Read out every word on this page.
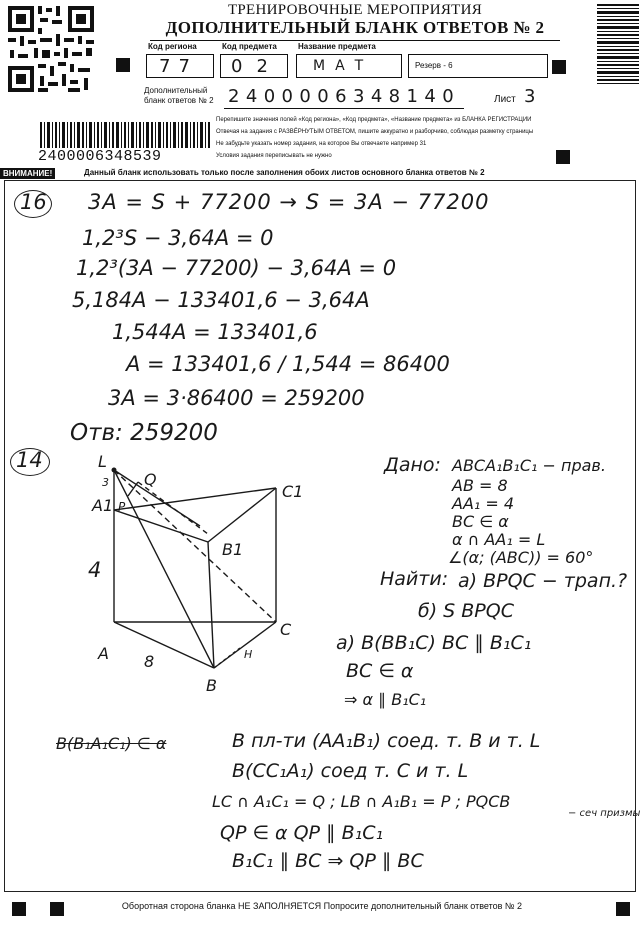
ТРЕНИРОВОЧНЫЕ МЕРОПРИЯТИЯ
ДОПОЛНИТЕЛЬНЫЙ БЛАНК ОТВЕТОВ № 2
Код региона	Код предмета	Название предмета
77 02 МАТ	Резерв - 6
Дополнительный бланк ответов № 2 2400006348140	Лист 3
2400006348539
Перепишите значения полей «Код региона», «Код предмета», «Название предмета» из БЛАНКА РЕГИСТРАЦИИ
Отвечая на задания с РАЗВЁРНУТЫМ ОТВЕТОМ, пишите аккуратно и разборчиво, соблюдая разметку страницы
Не забудьте указать номер задания, на которое Вы отвечаете например 31
Условия задания переписывать не нужно
ВНИМАНИЕ!	Данный бланк использовать только после заполнения обоих листов основного бланка ответов № 2
16 3A = S + 77200 → S = 3A − 77200
1,2³S − 3,64A = 0
1,2³(3A − 77200) − 3,64A = 0
5,184A − 133401,6 − 3,64A
1,544A = 133401,6
A = 133401,6 / 1,544 = 86400
3A = 3·86400 = 259200
Отв: 259200
14	L
Q
3
A1 P
C1
B1
4
C
A 8	H
B
Дано: ABCA₁B₁C₁ − прав.
AB = 8
AA₁ = 4
BC ∈ α
α ∩ AA₁ = L
∠(α; (ABC)) = 60°
Найти: а) BPQC − трап.?
б) S BPQC
а) B(BB₁C) BC ∥ B₁C₁
BC ∈ α
⇒ α ∥ B₁C₁
B(B₁A₁C₁) ∈ α	В пл-ти (AA₁B₁) соед. т. B и т. L
B(CC₁A₁) соед т. C и т. L
LC ∩ A₁C₁ = Q ; LB ∩ A₁B₁ = P ; PQCB
− сеч призмы
QP ∈ α QP ∥ B₁C₁
B₁C₁ ∥ BC ⇒ QP ∥ BC
Оборотная сторона бланка НЕ ЗАПОЛНЯЕТСЯ Попросите дополнительный бланк ответов № 2
